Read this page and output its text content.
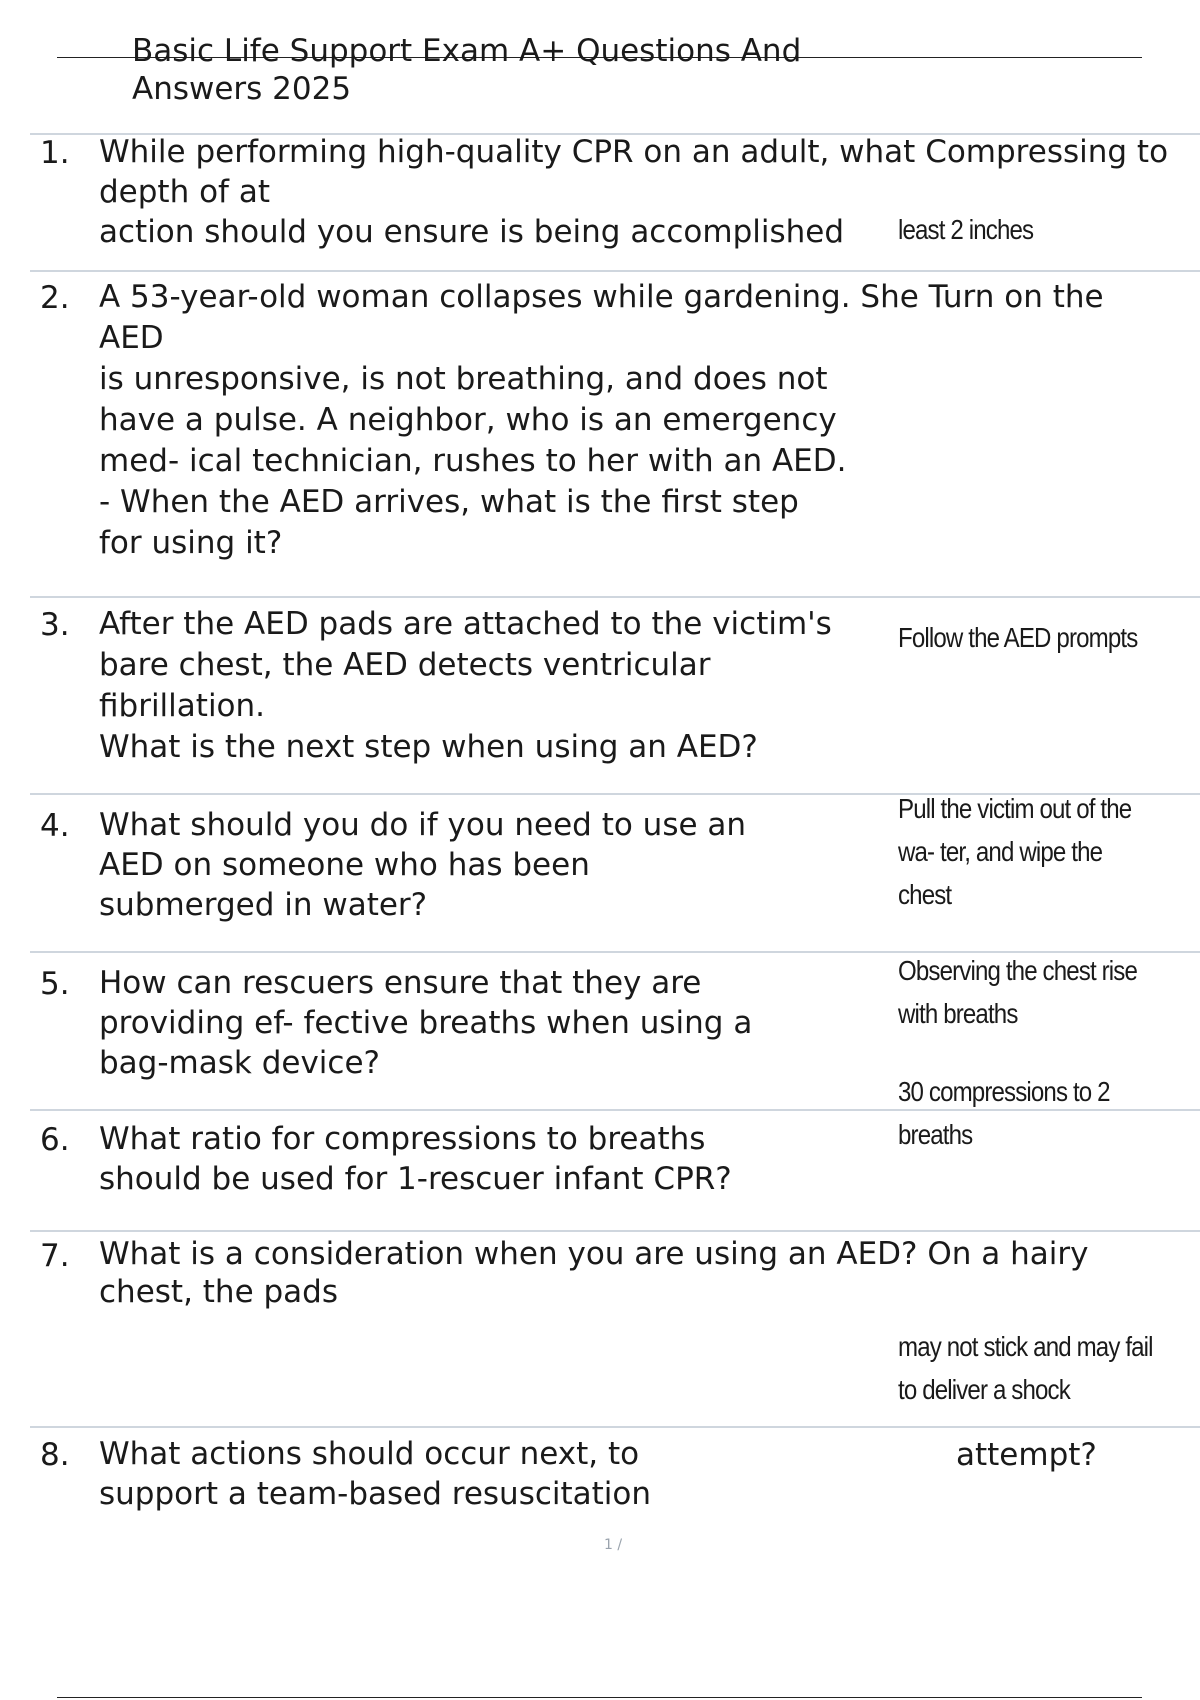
Basic Life Support Exam A+ Questions And
Answers 2025
1. While performing high-quality CPR on an adult, what Compressing to
depth of at
action should you ensure is being accomplished	least 2 inches
2. A 53-year-old woman collapses while gardening. She Turn on the
AED
is unresponsive, is not breathing, and does not
have a pulse. A neighbor, who is an emergency
med- ical technician, rushes to her with an AED.
- When the AED arrives, what is the first step
for using it?
3. After the AED pads are attached to the victim's
bare chest, the AED detects ventricular
fibrillation.
What is the next step when using an AED?
Follow the AED prompts
4. What should you do if you need to use an
AED on someone who has been
submerged in water?
Pull the victim out of the
wa- ter, and wipe the
chest
5. How can rescuers ensure that they are
providing ef- fective breaths when using a
bag-mask device?
Observing the chest rise
with breaths
6. What ratio for compressions to breaths
should be used for 1-rescuer infant CPR?
30 compressions to 2
breaths
7. What is a consideration when you are using an AED? On a hairy
chest, the pads
may not stick and may fail
to deliver a shock
8. What actions should occur next, to
support a team-based resuscitation
attempt?
1 /
